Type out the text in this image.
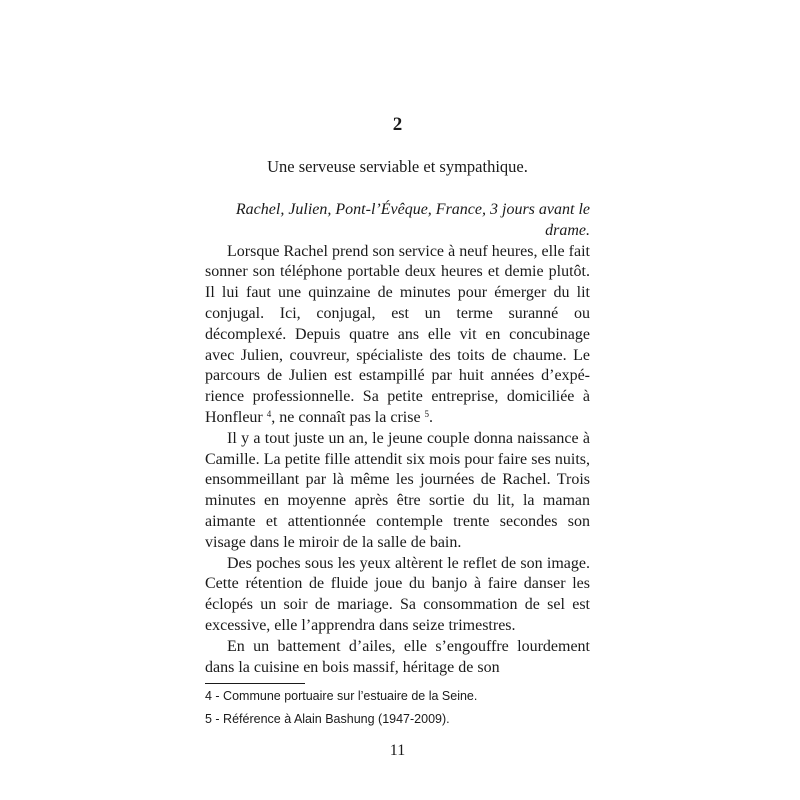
2
Une serveuse serviable et sympathique.

Rachel, Julien, Pont-l’Évêque, France, 3 jours avant le drame.

Lorsque Rachel prend son service à neuf heures, elle fait sonner son téléphone portable deux heures et demie plutôt. Il lui faut une quinzaine de minutes pour émerger du lit conjugal. Ici, conjugal, est un terme suranné ou décomplexé. Depuis quatre ans elle vit en concubinage avec Julien, couvreur, spécialiste des toits de chaume. Le parcours de Julien est estampillé par huit années d’expérience professionnelle. Sa petite entreprise, domiciliée à Honfleur $^4$, ne connaît pas la crise $^5$.

Il y a tout juste un an, le jeune couple donna naissance à Camille. La petite fille attendit six mois pour faire ses nuits, ensommeillant par là même les journées de Rachel. Trois minutes en moyenne après être sortie du lit, la maman aimante et attentionnée contemple trente secondes son visage dans le miroir de la salle de bain.

Des poches sous les yeux altèrent le reflet de son image. Cette rétention de fluide joue du banjo à faire danser les éclopés un soir de mariage. Sa consommation de sel est excessive, elle l’apprendra dans seize trimestres.

En un battement d’ailes, elle s’engouffre lourdement dans la cuisine en bois massif, héritage de son

4 - Commune portuaire sur l’estuaire de la Seine.
5 - Référence à Alain Bashung (1947-2009).
11
